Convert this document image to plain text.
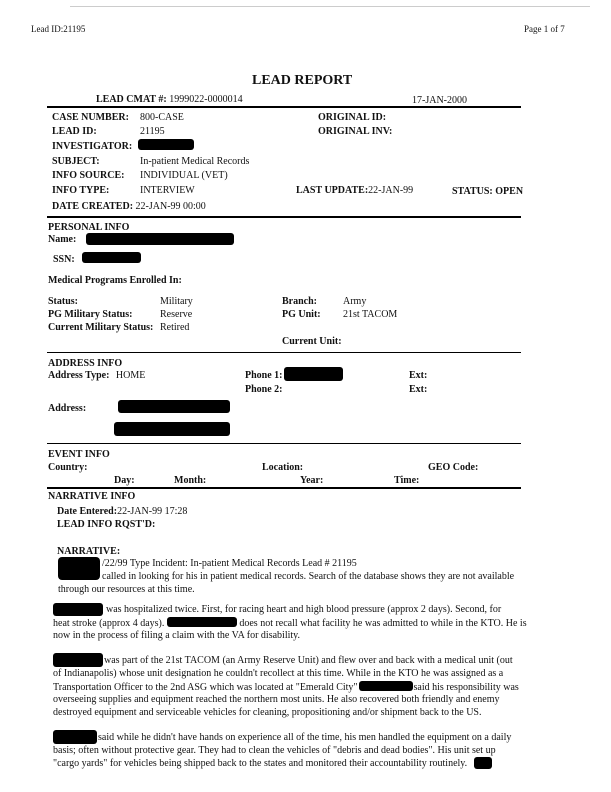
Lead ID:21195	Page 1 of 7
LEAD REPORT
LEAD CMAT #: 1999022-0000014	17-JAN-2000
CASE NUMBER: 800-CASE	ORIGINAL ID:
LEAD ID:	21195	ORIGINAL INV:
INVESTIGATOR:
SUBJECT:	In-patient Medical Records
INFO SOURCE: INDIVIDUAL (VET)
INFO TYPE:	INTERVIEW	LAST UPDATE:22-JAN-99	STATUS: OPEN
DATE CREATED: 22-JAN-99 00:00
PERSONAL INFO
Name:
SSN:
Medical Programs Enrolled In:
Status:	Military	Branch:	Army
PG Military Status:	Reserve	PG Unit: 21st TACOM
Current Military Status: Retired
Current Unit:
ADDRESS INFO
Address Type: HOME	Phone 1:	Ext:
Phone 2:	Ext:
Address:
EVENT INFO
Country:	Location:	GEO Code:
Day:	Month:	Year:	Time:
NARRATIVE INFO
Date Entered:22-JAN-99 17:28
LEAD INFO RQST'D:
NARRATIVE:
/22/99 Type Incident: In-patient Medical Records Lead # 21195
called in looking for his in patient medical records. Search of the database shows they are not available
through our resources at this time.
was hospitalized twice. First, for racing heart and high blood pressure (approx 2 days). Second, for
heat stroke (approx 4 days).	does not recall what facility he was admitted to while in the KTO. He is
now in the process of filing a claim with the VA for disability.
was part of the 21st TACOM (an Army Reserve Unit) and flew over and back with a medical unit (out
of Indianapolis) whose unit designation he couldn't recollect at this time. While in the KTO he was assigned as a
Transportation Officer to the 2nd ASG which was located at "Emerald City"	said his responsibility was
overseeing supplies and equipment reached the northern most units. He also recovered both friendly and enemy
destroyed equipment and serviceable vehicles for cleaning, propositioning and/or shipment back to the US.
said while he didn't have hands on experience all of the time, his men handled the equipment on a daily
basis; often without protective gear. They had to clean the vehicles of "debris and dead bodies". His unit set up
"cargo yards" for vehicles being shipped back to the states and monitored their accountability routinely.
